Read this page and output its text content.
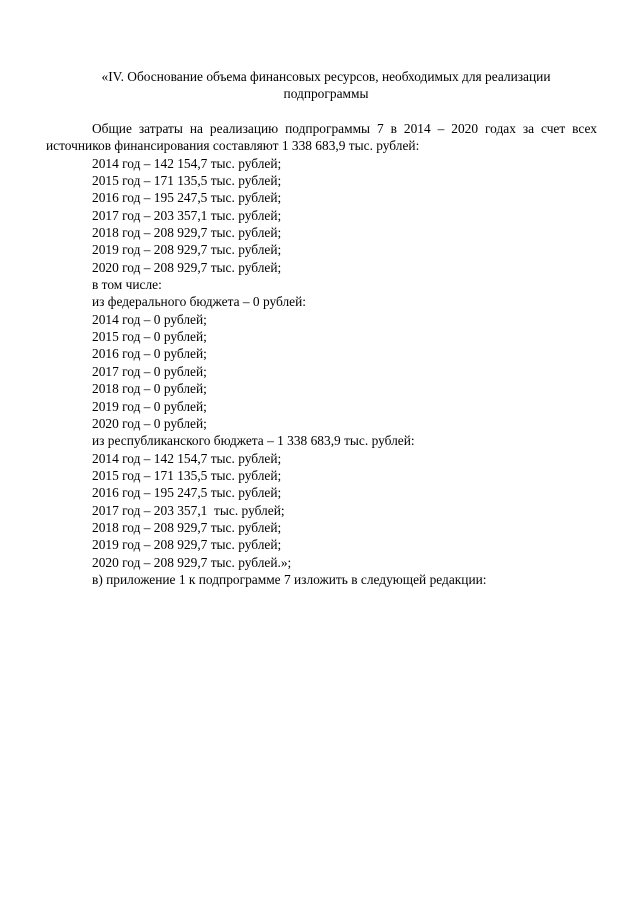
«IV. Обоснование объема финансовых ресурсов, необходимых для реализации
подпрограммы

Общие затраты на реализацию подпрограммы 7 в 2014 – 2020 годах за счет всех источников финансирования составляют 1 338 683,9 тыс. рублей:

2014 год – 142 154,7 тыс. рублей;

2015 год – 171 135,5 тыс. рублей;

2016 год – 195 247,5 тыс. рублей;

2017 год – 203 357,1 тыс. рублей;

2018 год – 208 929,7 тыс. рублей;

2019 год – 208 929,7 тыс. рублей;

2020 год – 208 929,7 тыс. рублей;

в том числе:

из федерального бюджета – 0 рублей:

2014 год – 0 рублей;

2015 год – 0 рублей;

2016 год – 0 рублей;

2017 год – 0 рублей;

2018 год – 0 рублей;

2019 год – 0 рублей;

2020 год – 0 рублей;

из республиканского бюджета – 1 338 683,9 тыс. рублей:

2014 год – 142 154,7 тыс. рублей;

2015 год – 171 135,5 тыс. рублей;

2016 год – 195 247,5 тыс. рублей;

2017 год – 203 357,1  тыс. рублей;

2018 год – 208 929,7 тыс. рублей;

2019 год – 208 929,7 тыс. рублей;

2020 год – 208 929,7 тыс. рублей.»;

в) приложение 1 к подпрограмме 7 изложить в следующей редакции:
